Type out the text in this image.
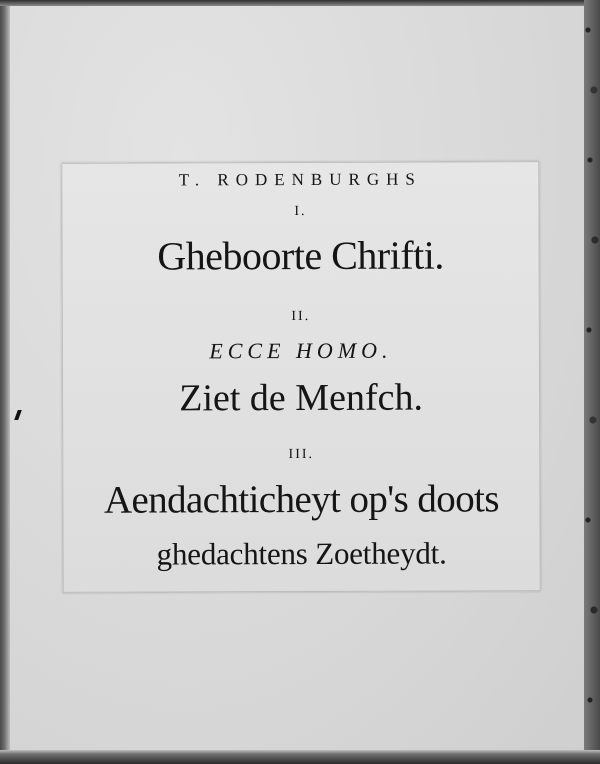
T. RODENBURGHS
I.
Gheboorte Chrifti.
II.
ECCE HOMO.
Ziet de Menfch.
III.
Aendachticheyt op's doots
ghedachtens Zoetheydt.
